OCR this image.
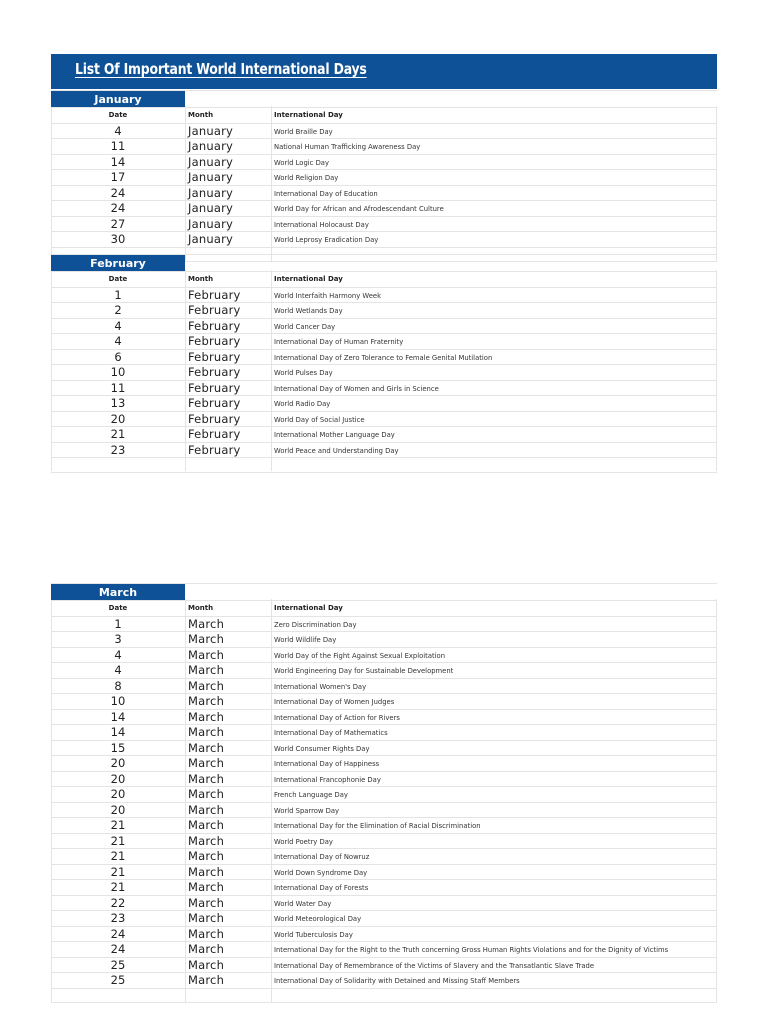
List Of Important World International Days
January
Date	Month	International Day
4	January	World Braille Day
11	January	National Human Trafficking Awareness Day
14	January	World Logic Day
17	January	World Religion Day
24	January	International Day of Education
24	January	World Day for African and Afrodescendant Culture
27	January	International Holocaust Day
30	January	World Leprosy Eradication Day
February
Date	Month	International Day
1	February	World Interfaith Harmony Week
2	February	World Wetlands Day
4	February	World Cancer Day
4	February	International Day of Human Fraternity
6	February	International Day of Zero Tolerance to Female Genital Mutilation
10	February	World Pulses Day
11	February	International Day of Women and Girls in Science
13	February	World Radio Day
20	February	World Day of Social Justice
21	February	International Mother Language Day
23	February	World Peace and Understanding Day
March
Date	Month	International Day
1	March	Zero Discrimination Day
3	March	World Wildlife Day
4	March	World Day of the Fight Against Sexual Exploitation
4	March	World Engineering Day for Sustainable Development
8	March	International Women's Day
10	March	International Day of Women Judges
14	March	International Day of Action for Rivers
14	March	International Day of Mathematics
15	March	World Consumer Rights Day
20	March	International Day of Happiness
20	March	International Francophonie Day
20	March	French Language Day
20	March	World Sparrow Day
21	March	International Day for the Elimination of Racial Discrimination
21	March	World Poetry Day
21	March	International Day of Nowruz
21	March	World Down Syndrome Day
21	March	International Day of Forests
22	March	World Water Day
23	March	World Meteorological Day
24	March	World Tuberculosis Day
24	March	International Day for the Right to the Truth concerning Gross Human Rights Violations and for the Dignity of Victims
25	March	International Day of Remembrance of the Victims of Slavery and the Transatlantic Slave Trade
25	March	International Day of Solidarity with Detained and Missing Staff Members
